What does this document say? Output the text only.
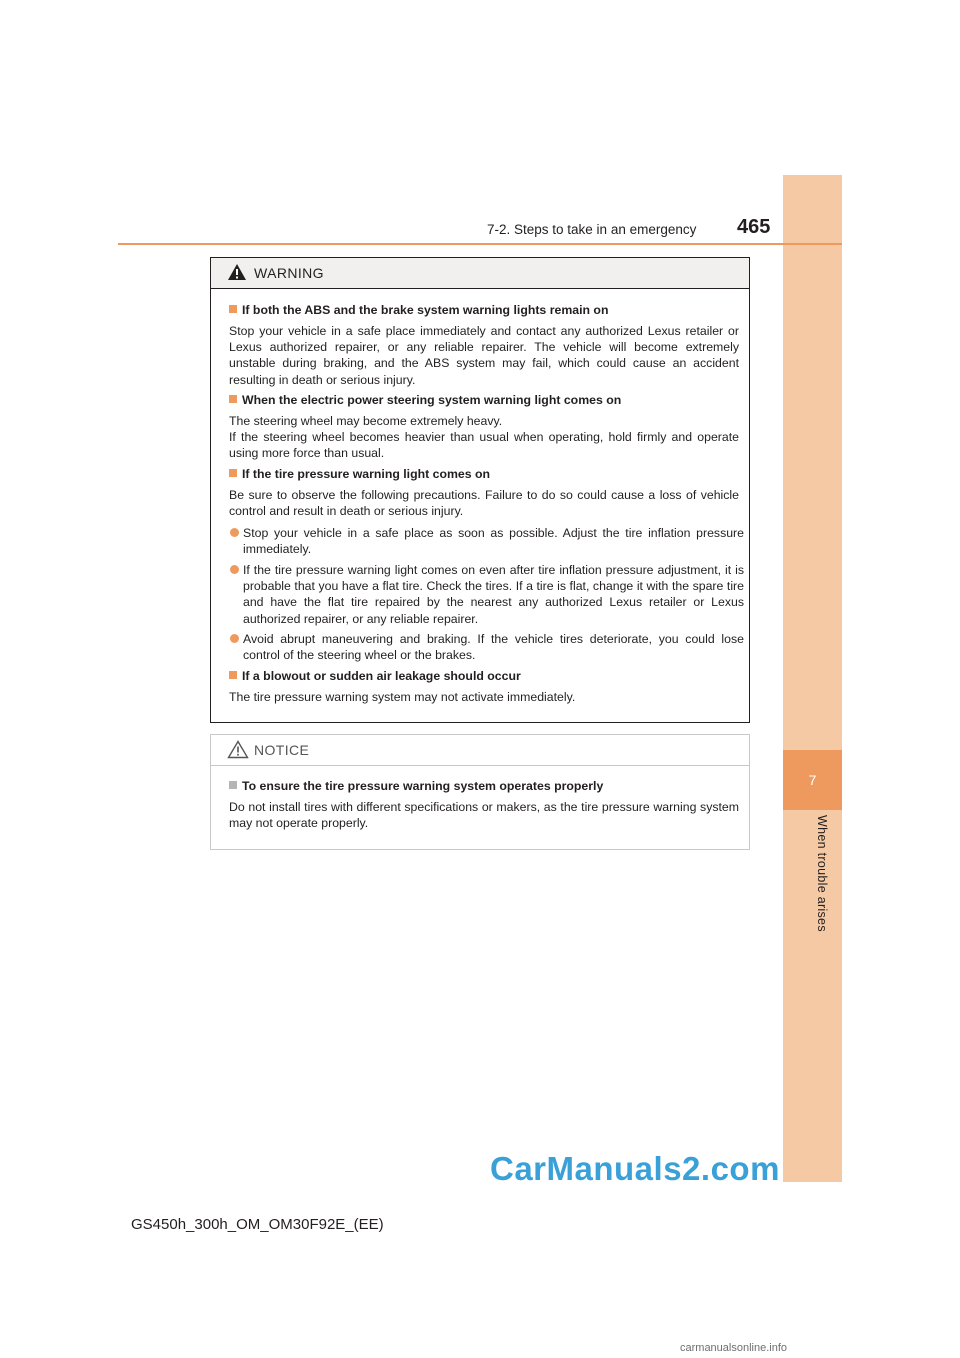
7
When trouble arises
7-2. Steps to take in an emergency 465
WARNING
If both the ABS and the brake system warning lights remain on
Stop your vehicle in a safe place immediately and contact any authorized Lexus retailer or Lexus authorized repairer, or any reliable repairer. The vehicle will become extremely unstable during braking, and the ABS system may fail, which could cause an accident resulting in death or serious injury.
When the electric power steering system warning light comes on
The steering wheel may become extremely heavy.
If the steering wheel becomes heavier than usual when operating, hold firmly and operate using more force than usual.
If the tire pressure warning light comes on
Be sure to observe the following precautions. Failure to do so could cause a loss of vehicle control and result in death or serious injury.
Stop your vehicle in a safe place as soon as possible. Adjust the tire inflation pressure immediately.
If the tire pressure warning light comes on even after tire inflation pressure adjustment, it is probable that you have a flat tire. Check the tires. If a tire is flat, change it with the spare tire and have the flat tire repaired by the nearest any authorized Lexus retailer or Lexus authorized repairer, or any reliable repairer.
Avoid abrupt maneuvering and braking. If the vehicle tires deteriorate, you could lose control of the steering wheel or the brakes.
If a blowout or sudden air leakage should occur
The tire pressure warning system may not activate immediately.
NOTICE
To ensure the tire pressure warning system operates properly
Do not install tires with different specifications or makers, as the tire pressure warning system may not operate properly.
CarManuals2.com
GS450h_300h_OM_OM30F92E_(EE)
carmanualsonline.info
